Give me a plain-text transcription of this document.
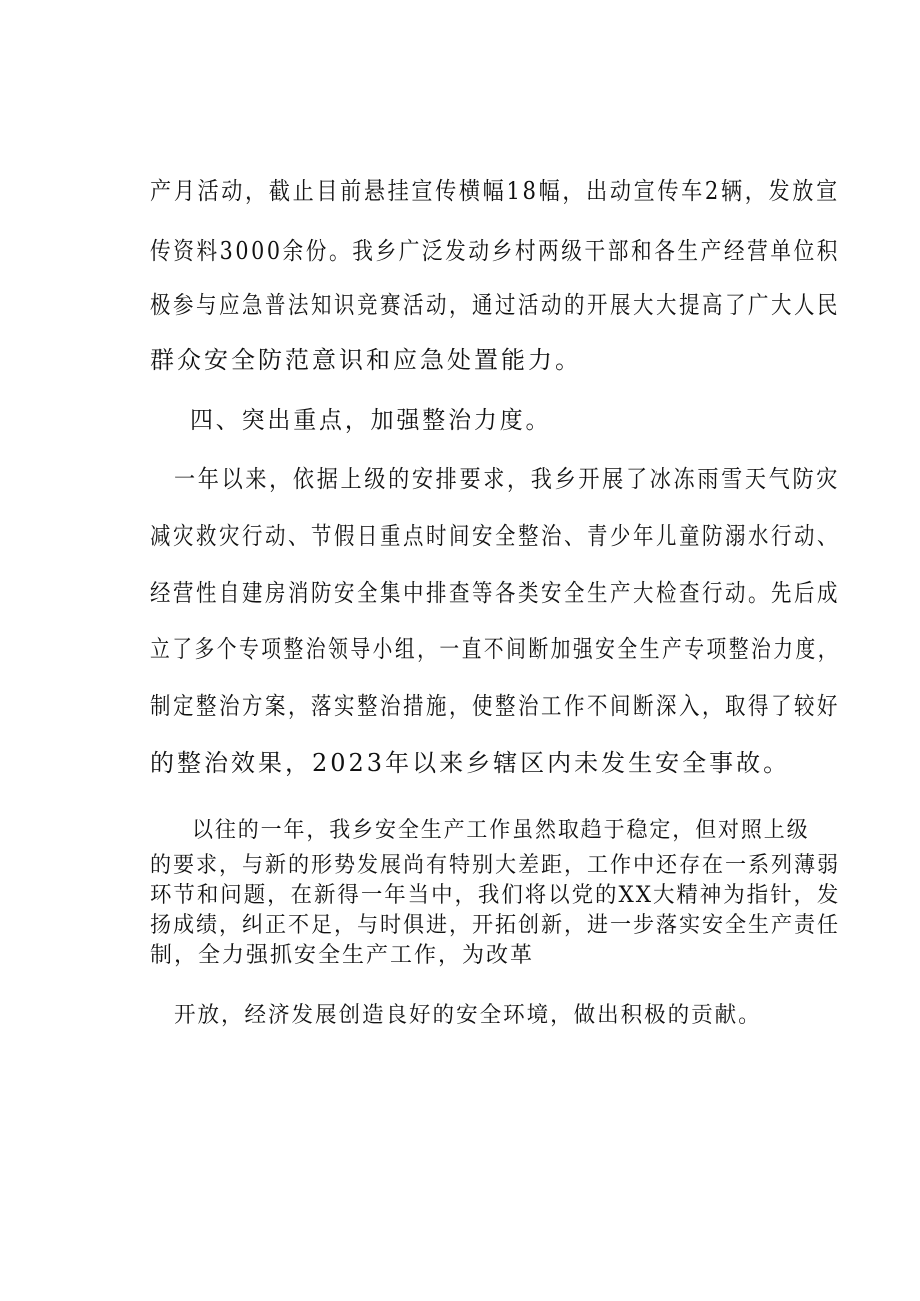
产月活动，截止目前悬挂宣传横幅18幅，出动宣传车2辆，发放宣
传资料3000余份。我乡广泛发动乡村两级干部和各生产经营单位积
极参与应急普法知识竞赛活动，通过活动的开展大大提高了广大人民
群众安全防范意识和应急处置能力。
四、突出重点，加强整治力度。
一年以来，依据上级的安排要求，我乡开展了冰冻雨雪天气防灾
减灾救灾行动、节假日重点时间安全整治、青少年儿童防溺水行动、
经营性自建房消防安全集中排查等各类安全生产大检查行动。先后成
立了多个专项整治领导小组，一直不间断加强安全生产专项整治力度，
制定整治方案，落实整治措施，使整治工作不间断深入，取得了较好
的整治效果，2023年以来乡辖区内未发生安全事故。
以往的一年，我乡安全生产工作虽然取趋于稳定，但对照上级
的要求，与新的形势发展尚有特别大差距，工作中还存在一系列薄弱
环节和问题，在新得一年当中，我们将以党的XX大精神为指针，发
扬成绩，纠正不足，与时俱进，开拓创新，进一步落实安全生产责任
制，全力强抓安全生产工作，为改革
开放，经济发展创造良好的安全环境，做出积极的贡献。
